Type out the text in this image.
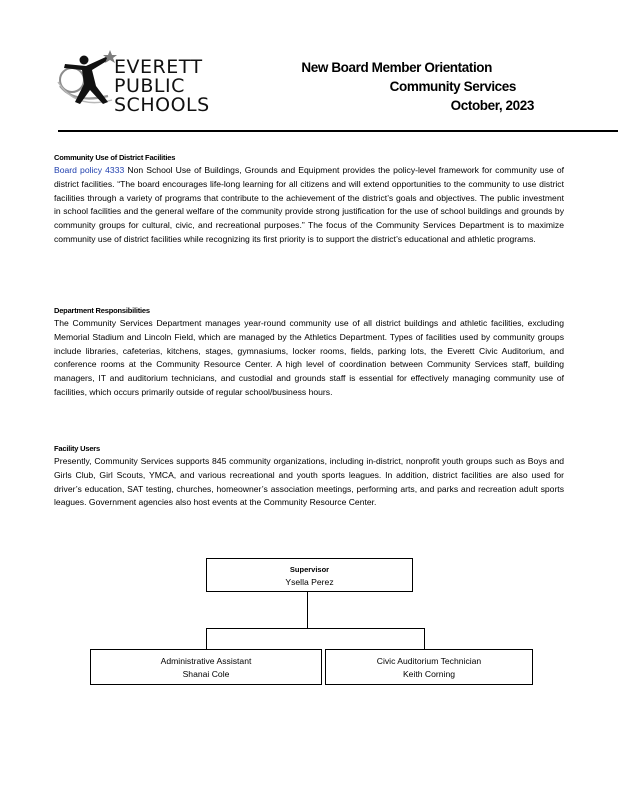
EVERETT
PUBLIC
SCHOOLS
New Board Member Orientation
Community Services
October, 2023
Community Use of District Facilities

Board policy 4333 Non School Use of Buildings, Grounds and Equipment provides the policy-level framework for community use of district facilities. “The board encourages life-long learning for all citizens and will extend opportunities to the community to use district facilities through a variety of programs that contribute to the achievement of the district’s goals and objectives. The public investment in school facilities and the general welfare of the community provide strong justification for the use of school buildings and grounds by community groups for cultural, civic, and recreational purposes.” The focus of the Community Services Department is to maximize community use of district facilities while recognizing its first priority is to support the district’s educational and athletic programs.

Department Responsibilities

The Community Services Department manages year-round community use of all district buildings and athletic facilities, excluding Memorial Stadium and Lincoln Field, which are managed by the Athletics Department. Types of facilities used by community groups include libraries, cafeterias, kitchens, stages, gymnasiums, locker rooms, fields, parking lots, the Everett Civic Auditorium, and conference rooms at the Community Resource Center. A high level of coordination between Community Services staff, building managers, IT and auditorium technicians, and custodial and grounds staff is essential for effectively managing community use of facilities, which occurs primarily outside of regular school/business hours.

Facility Users

Presently, Community Services supports 845 community organizations, including in-district, nonprofit youth groups such as Boys and Girls Club, Girl Scouts, YMCA, and various recreational and youth sports leagues. In addition, district facilities are also used for driver’s education, SAT testing, churches, homeowner’s association meetings, performing arts, and parks and recreation adult sports leagues. Government agencies also host events at the Community Resource Center.

Supervisor
Ysella Perez
Administrative Assistant
Shanai Cole
Civic Auditorium Technician
Keith Corning
